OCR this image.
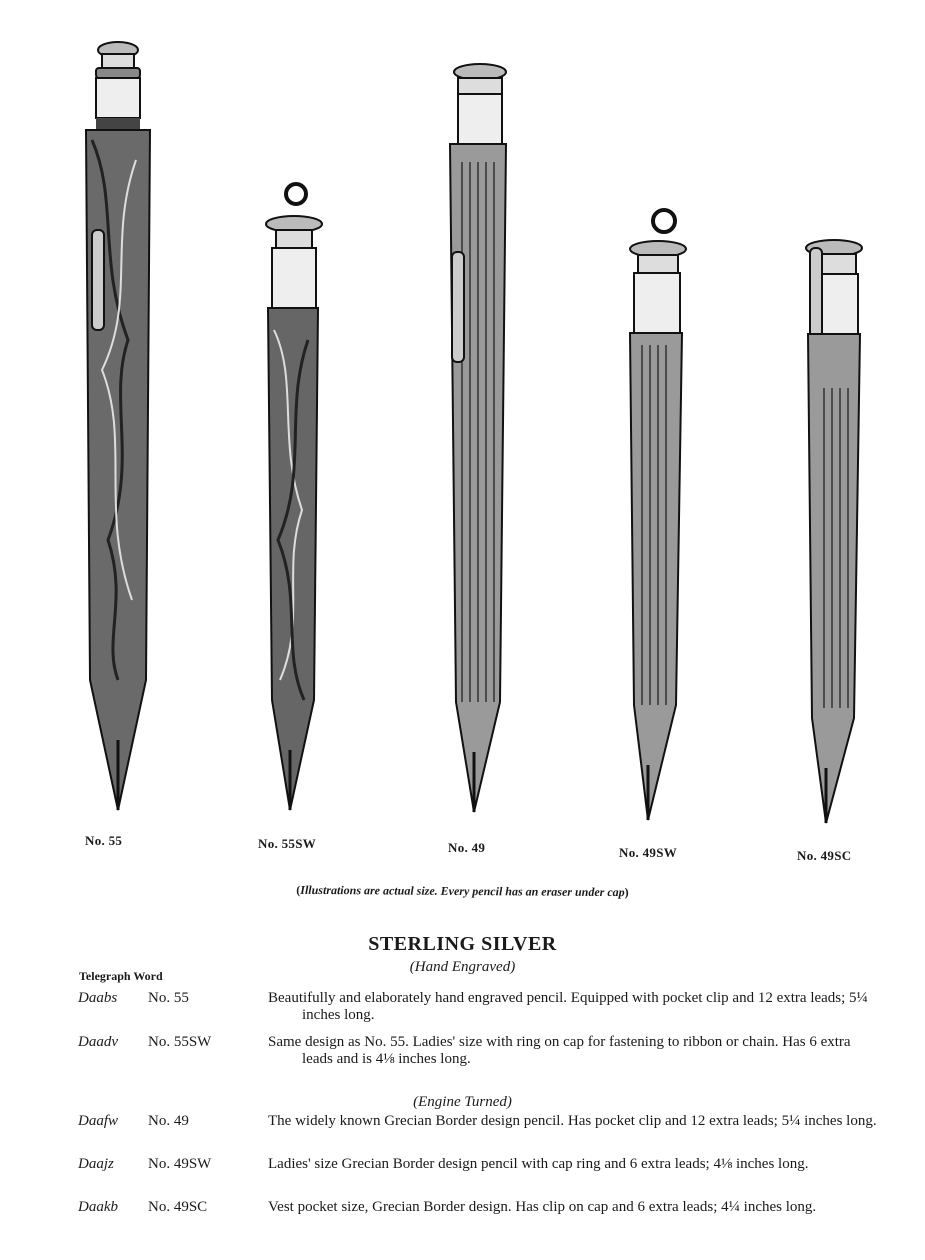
No. 55	No. 55SW	No. 49	No. 49SW	No. 49SC
(Illustrations are actual size. Every pencil has an eraser under cap)
STERLING SILVER
(Hand Engraved)
Telegraph Word
Daabs No. 55	Beautifully and elaborately hand engraved pencil. Equipped with pocket clip and 12 extra leads; 5¼ inches long.
Daadv No. 55SW	Same design as No. 55. Ladies' size with ring on cap for fastening to ribbon or chain. Has 6 extra leads and is 4⅛ inches long.
(Engine Turned)
Daafw No. 49	The widely known Grecian Border design pencil. Has pocket clip and 12 extra leads; 5¼ inches long.
Daajz No. 49SW	Ladies' size Grecian Border design pencil with cap ring and 6 extra leads; 4⅛ inches long.
Daakb No. 49SC	Vest pocket size, Grecian Border design. Has clip on cap and 6 extra leads; 4¼ inches long.
